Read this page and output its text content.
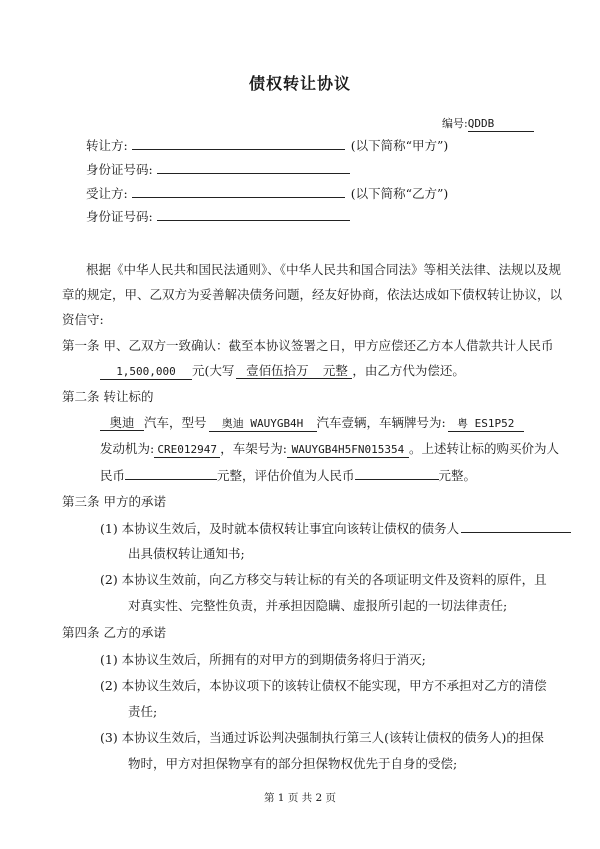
债权转让协议
编号:QDDB
转让方:	(以下简称“甲方”)
身份证号码:
受让方:	(以下简称“乙方”)
身份证号码:
根据《中华人民共和国民法通则》、《中华人民共和国合同法》等相关法律、法规以及规
章的规定，甲、乙双方为妥善解决债务问题，经友好协商，依法达成如下债权转让协议，以
资信守:
第一条 甲、乙双方一致确认：截至本协议签署之日，甲方应偿还乙方本人借款共计人民币
1,500,000 元(大写 壹佰伍拾万 元整 ，由乙方代为偿还。
第二条 转让标的
奥迪 汽车，型号 奥迪 WAUYGB4H 汽车壹辆，车辆牌号为: 粤 ES1P52
发动机为: CRE012947 ，车架号为: WAUYGB4H5FN015354 。上述转让标的购买价为人
民币	元整，评估价值为人民币	元整。
第三条 甲方的承诺
(1) 本协议生效后，及时就本债权转让事宜向该转让债权的债务人
出具债权转让通知书;
(2) 本协议生效前，向乙方移交与转让标的有关的各项证明文件及资料的原件，且
对真实性、完整性负责，并承担因隐瞒、虚报所引起的一切法律责任;
第四条 乙方的承诺
(1) 本协议生效后，所拥有的对甲方的到期债务将归于消灭;
(2) 本协议生效后，本协议项下的该转让债权不能实现，甲方不承担对乙方的清偿
责任;
(3) 本协议生效后，当通过诉讼判决强制执行第三人(该转让债权的债务人)的担保
物时，甲方对担保物享有的部分担保物权优先于自身的受偿;
第 1 页 共 2 页
